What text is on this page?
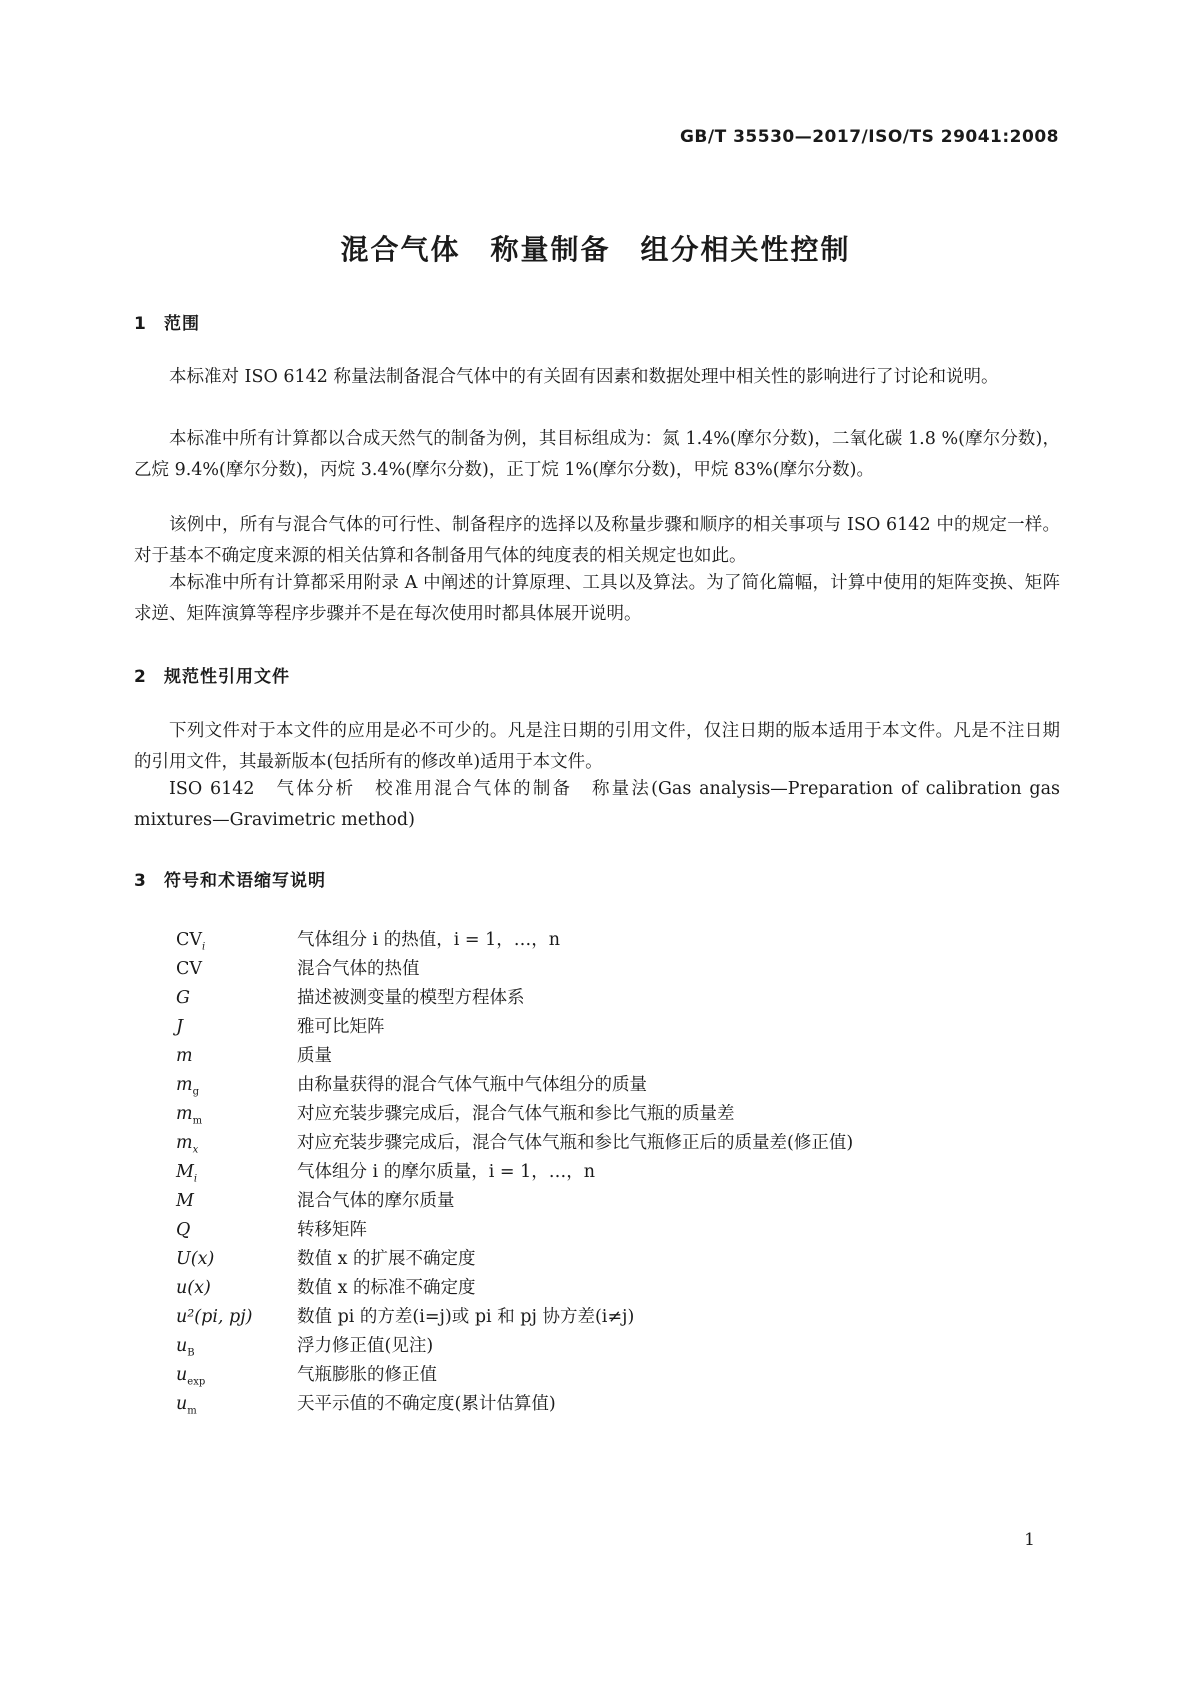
GB/T 35530—2017/ISO/TS 29041:2008
混合气体　称量制备　组分相关性控制
1 范围
本标准对 ISO 6142 称量法制备混合气体中的有关固有因素和数据处理中相关性的影响进行了讨论和说明。
本标准中所有计算都以合成天然气的制备为例，其目标组成为：氮 1.4%(摩尔分数)，二氧化碳 1.8 %(摩尔分数)，乙烷 9.4%(摩尔分数)，丙烷 3.4%(摩尔分数)，正丁烷 1%(摩尔分数)，甲烷 83%(摩尔分数)。
该例中，所有与混合气体的可行性、制备程序的选择以及称量步骤和顺序的相关事项与 ISO 6142 中的规定一样。对于基本不确定度来源的相关估算和各制备用气体的纯度表的相关规定也如此。
本标准中所有计算都采用附录 A 中阐述的计算原理、工具以及算法。为了简化篇幅，计算中使用的矩阵变换、矩阵求逆、矩阵演算等程序步骤并不是在每次使用时都具体展开说明。
2 规范性引用文件
下列文件对于本文件的应用是必不可少的。凡是注日期的引用文件，仅注日期的版本适用于本文件。凡是不注日期的引用文件，其最新版本(包括所有的修改单)适用于本文件。
ISO 6142　气体分析　校准用混合气体的制备　称量法(Gas analysis—Preparation of calibration gas mixtures—Gravimetric method)
3 符号和术语缩写说明
$CV_i$	气体组分 i 的热值，i = 1，…，n
CV	混合气体的热值
G	描述被测变量的模型方程体系
J	雅可比矩阵
m	质量
$m_g$	由称量获得的混合气体气瓶中气体组分的质量
$m_m$	对应充装步骤完成后，混合气体气瓶和参比气瓶的质量差
$m_x$	对应充装步骤完成后，混合气体气瓶和参比气瓶修正后的质量差(修正值)
$M_i$	气体组分 i 的摩尔质量，i = 1，…，n
M	混合气体的摩尔质量
Q	转移矩阵
U(x)	数值 x 的扩展不确定度
u(x)	数值 x 的标准不确定度
u²(pi, pj)	数值 pi 的方差(i=j)或 pi 和 pj 协方差(i≠j)
$u_B$	浮力修正值(见注)
$u_{exp}$	气瓶膨胀的修正值
$u_m$	天平示值的不确定度(累计估算值)
1
